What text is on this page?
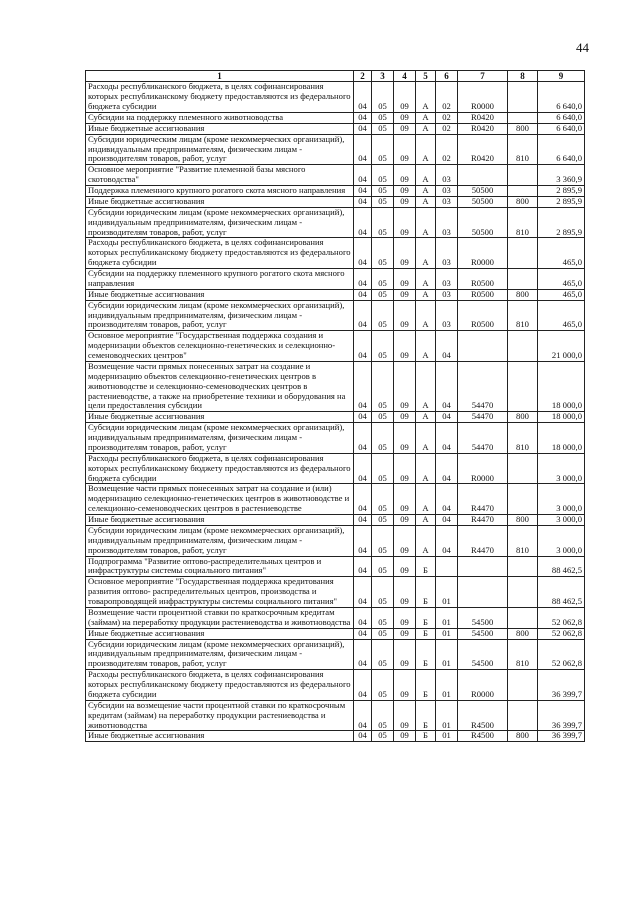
44
1	2	3	4	5	6	7	8	9
Расходы республиканского бюджета, в целях софинансирования которых республиканскому бюджету предоставляются из федерального бюджета субсидии	04	05	09	А	02	R0000		6 640,0
Субсидии на поддержку племенного животноводства	04	05	09	А	02	R0420		6 640,0
Иные бюджетные ассигнования	04	05	09	А	02	R0420	800	6 640,0
Субсидии юридическим лицам (кроме некоммерческих организаций), индивидуальным предпринимателям, физическим лицам - производителям товаров, работ, услуг	04	05	09	А	02	R0420	810	6 640,0
Основное мероприятие "Развитие племенной базы мясного скотоводства"	04	05	09	А	03			3 360,9
Поддержка племенного крупного рогатого скота мясного направления	04	05	09	А	03	50500		2 895,9
Иные бюджетные ассигнования	04	05	09	А	03	50500	800	2 895,9
Субсидии юридическим лицам (кроме некоммерческих организаций), индивидуальным предпринимателям, физическим лицам - производителям товаров, работ, услуг	04	05	09	А	03	50500	810	2 895,9
Расходы республиканского бюджета, в целях софинансирования которых республиканскому бюджету предоставляются из федерального бюджета субсидии	04	05	09	А	03	R0000		465,0
Субсидии на поддержку племенного крупного рогатого скота мясного направления	04	05	09	А	03	R0500		465,0
Иные бюджетные ассигнования	04	05	09	А	03	R0500	800	465,0
Субсидии юридическим лицам (кроме некоммерческих организаций), индивидуальным предпринимателям, физическим лицам - производителям товаров, работ, услуг	04	05	09	А	03	R0500	810	465,0
Основное мероприятие "Государственная поддержка создания и модернизации объектов селекционно-генетических и селекционно-семеноводческих центров"	04	05	09	А	04			21 000,0
Возмещение части прямых понесенных затрат на создание и модернизацию объектов селекционно-генетических центров в животноводстве и селекционно-семеноводческих центров в растениеводстве, а также на приобретение техники и оборудования на цели предоставления субсидии	04	05	09	А	04	54470		18 000,0
Иные бюджетные ассигнования	04	05	09	А	04	54470	800	18 000,0
Субсидии юридическим лицам (кроме некоммерческих организаций), индивидуальным предпринимателям, физическим лицам - производителям товаров, работ, услуг	04	05	09	А	04	54470	810	18 000,0
Расходы республиканского бюджета, в целях софинансирования которых республиканскому бюджету предоставляются из федерального бюджета субсидии	04	05	09	А	04	R0000		3 000,0
Возмещение части прямых понесенных затрат на создание и (или) модернизацию селекционно-генетических центров в животноводстве и селекционно-семеноводческих центров в растениеводстве	04	05	09	А	04	R4470		3 000,0
Иные бюджетные ассигнования	04	05	09	А	04	R4470	800	3 000,0
Субсидии юридическим лицам (кроме некоммерческих организаций), индивидуальным предпринимателям, физическим лицам - производителям товаров, работ, услуг	04	05	09	А	04	R4470	810	3 000,0
Подпрограмма "Развитие оптово-распределительных центров и инфраструктуры системы социального питания"	04	05	09	Б				88 462,5
Основное мероприятие "Государственная поддержка кредитования развития оптово- распределительных центров, производства и товаропроводящей инфраструктуры системы социального питания"	04	05	09	Б	01			88 462,5
Возмещение части процентной ставки по краткосрочным кредитам (займам) на переработку продукции растениеводства и животноводства	04	05	09	Б	01	54500		52 062,8
Иные бюджетные ассигнования	04	05	09	Б	01	54500	800	52 062,8
Субсидии юридическим лицам (кроме некоммерческих организаций), индивидуальным предпринимателям, физическим лицам - производителям товаров, работ, услуг	04	05	09	Б	01	54500	810	52 062,8
Расходы республиканского бюджета, в целях софинансирования которых республиканскому бюджету предоставляются из федерального бюджета субсидии	04	05	09	Б	01	R0000		36 399,7
Субсидии на возмещение части процентной ставки по краткосрочным кредитам (займам) на переработку продукции растениеводства и животноводства	04	05	09	Б	01	R4500		36 399,7
Иные бюджетные ассигнования	04	05	09	Б	01	R4500	800	36 399,7
